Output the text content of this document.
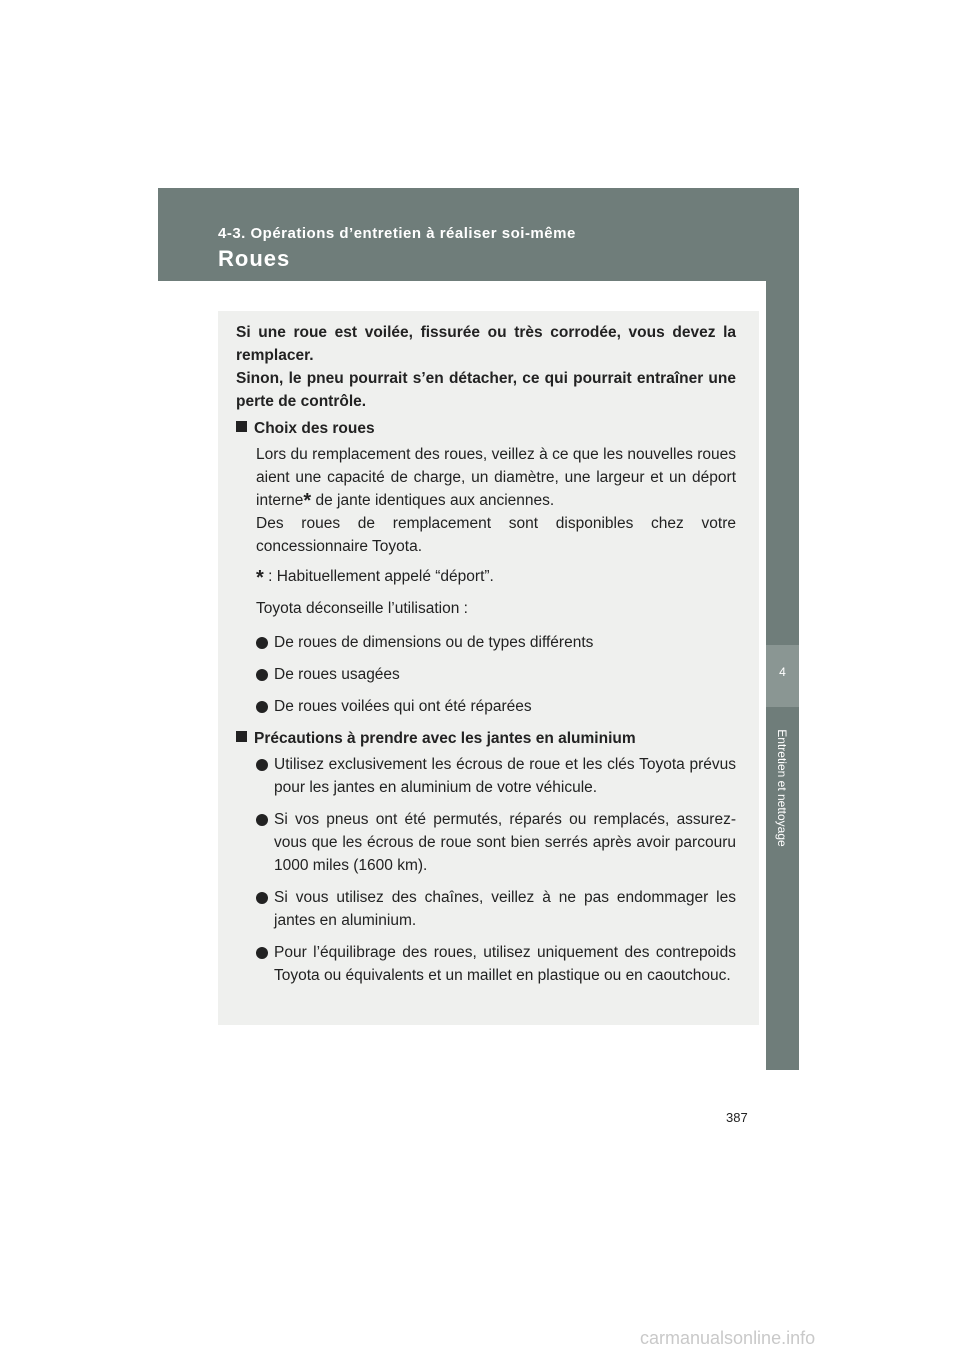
4-3. Opérations d’entretien à réaliser soi-même
Roues
4
Entretien et nettoyage

Si une roue est voilée, fissurée ou très corrodée, vous devez la remplacer.

Sinon, le pneu pourrait s’en détacher, ce qui pourrait entraîner une perte de contrôle.

Choix des roues

Lors du remplacement des roues, veillez à ce que les nouvelles roues aient une capacité de charge, un diamètre, une largeur et un déport interne* de jante identiques aux anciennes.

Des roues de remplacement sont disponibles chez votre concessionnaire Toyota.

* : Habituellement appelé “déport”.
Toyota déconseille l’utilisation :
De roues de dimensions ou de types différents
De roues usagées
De roues voilées qui ont été réparées
Précautions à prendre avec les jantes en aluminium
Utilisez exclusivement les écrous de roue et les clés Toyota prévus pour les jantes en aluminium de votre véhicule.
Si vos pneus ont été permutés, réparés ou remplacés, assurez-vous que les écrous de roue sont bien serrés après avoir parcouru 1000 miles (1600 km).
Si vous utilisez des chaînes, veillez à ne pas endommager les jantes en aluminium.
Pour l’équilibrage des roues, utilisez uniquement des contrepoids Toyota ou équivalents et un maillet en plastique ou en caoutchouc.
387
carmanualsonline.info
